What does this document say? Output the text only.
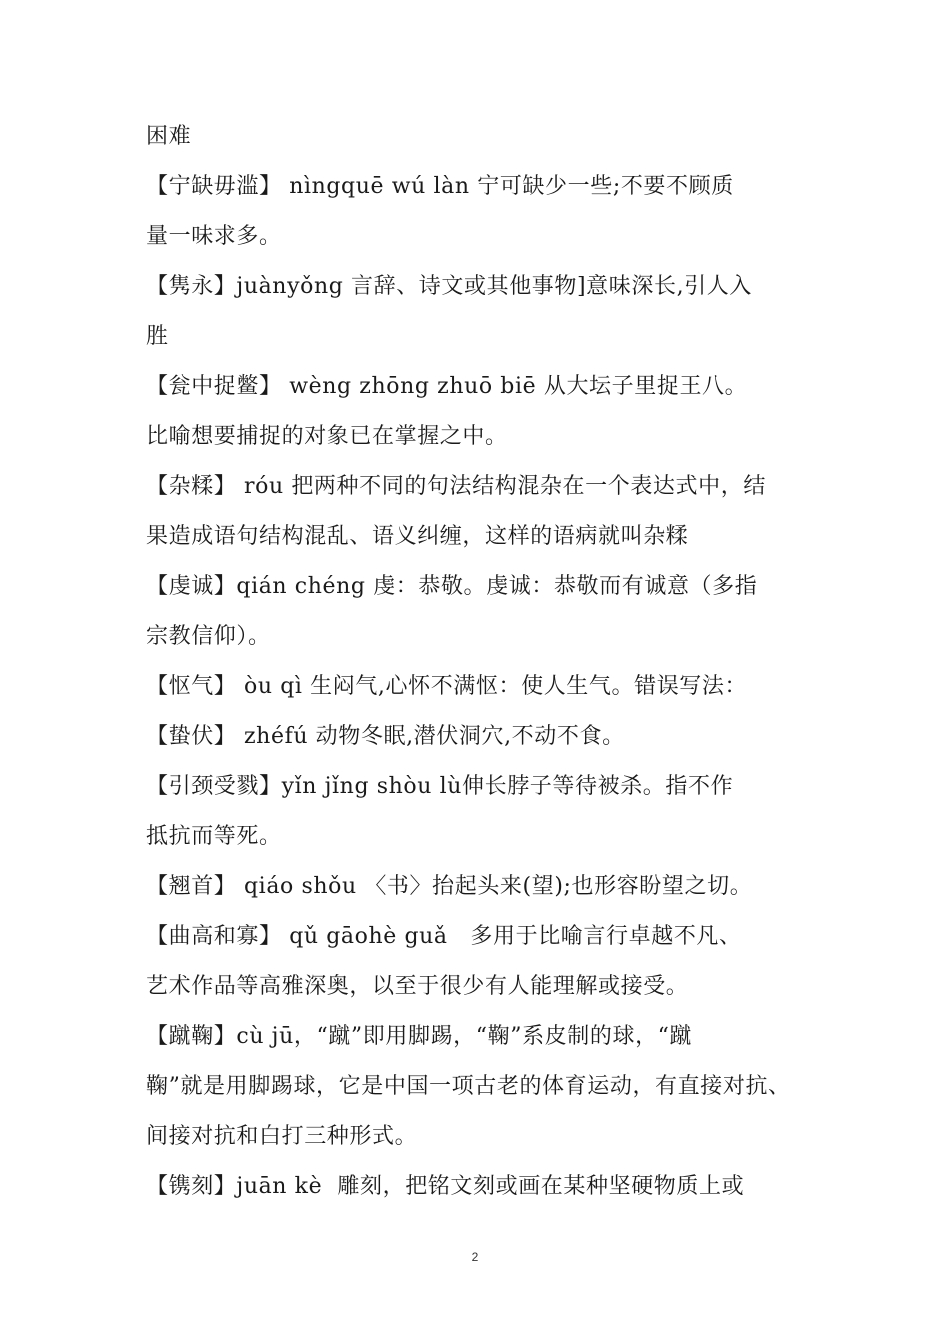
困难

【宁缺毋滥】 nìngquē wú làn 宁可缺少一些;不要不顾质

量一味求多。

【隽永】juànyǒng 言辞、诗文或其他事物]意味深长,引人入

胜

【瓮中捉鳖】 wèng zhōng zhuō biē 从大坛子里捉王八。

比喻想要捕捉的对象已在掌握之中。

【杂糅】 róu 把两种不同的句法结构混杂在一个表达式中，结

果造成语句结构混乱、语义纠缠，这样的语病就叫杂糅

【虔诚】qián chéng 虔：恭敬。虔诚：恭敬而有诚意（多指

宗教信仰）。

【怄气】 òu qì 生闷气,心怀不满怄：使人生气。错误写法：

【蛰伏】 zhéfú 动物冬眠,潜伏洞穴,不动不食。

【引颈受戮】yǐn jǐng shòu lù伸长脖子等待被杀。指不作

抵抗而等死。

【翘首】 qiáo shǒu 〈书〉抬起头来(望);也形容盼望之切。

【曲高和寡】 qǔ gāohè guǎ   多用于比喻言行卓越不凡、

艺术作品等高雅深奥，以至于很少有人能理解或接受。

【蹴鞠】cù jū，“蹴”即用脚踢，“鞠”系皮制的球，“蹴

鞠”就是用脚踢球，它是中国一项古老的体育运动，有直接对抗、

间接对抗和白打三种形式。

【镌刻】juān kè  雕刻，把铭文刻或画在某种坚硬物质上或

2
